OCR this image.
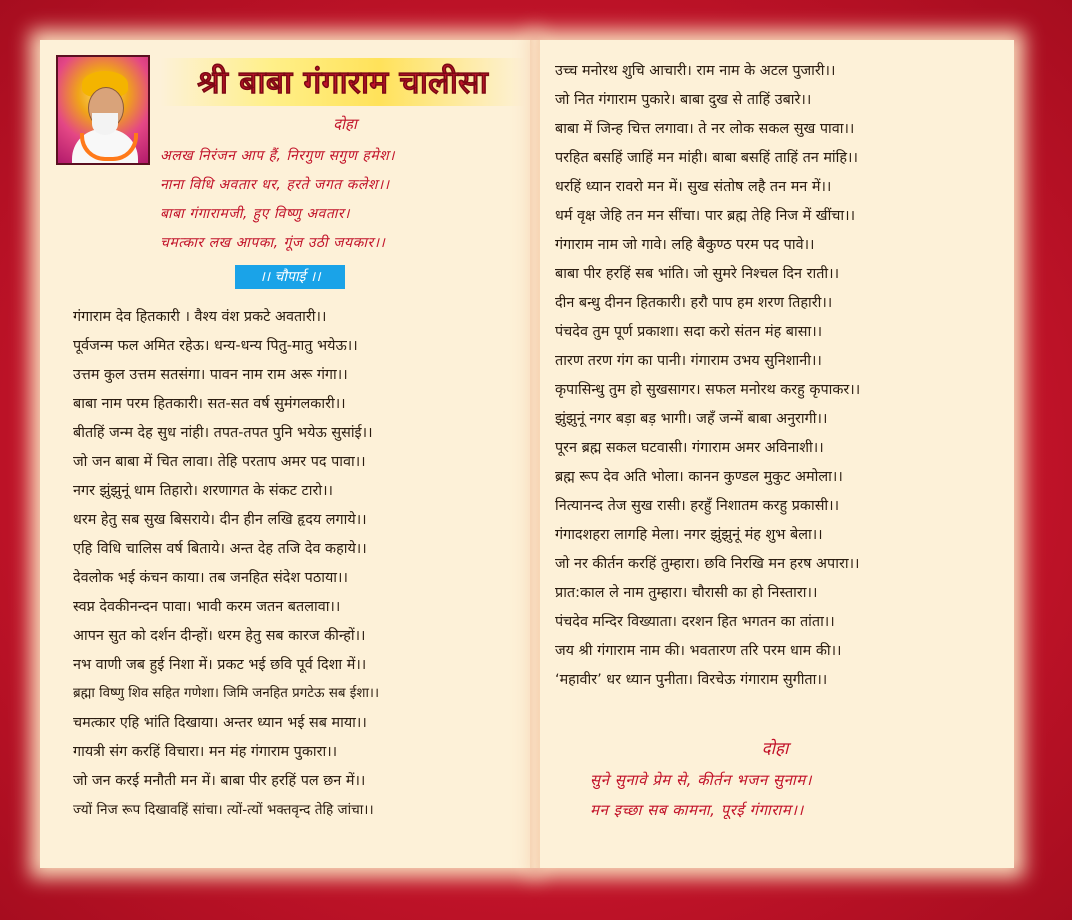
श्री बाबा गंगाराम चालीसा
दोहा
अलख निरंजन आप हैं, निरगुण सगुण हमेश।
नाना विधि अवतार धर, हरते जगत कलेश।।
बाबा गंगारामजी, हुए विष्णु अवतार।
चमत्कार लख आपका, गूंज उठी जयकार।।
।। चौपाई ।।
गंगाराम देव हितकारी । वैश्य वंश प्रकटे अवतारी।।
पूर्वजन्म फल अमित रहेऊ। धन्य-धन्य पितु-मातु भयेऊ।।
उत्तम कुल उत्तम सतसंगा। पावन नाम राम अरू गंगा।।
बाबा नाम परम हितकारी। सत-सत वर्ष सुमंगलकारी।।
बीतहिं जन्म देह सुध नांही। तपत-तपत पुनि भयेऊ सुसांई।।
जो जन बाबा में चित लावा। तेहि परताप अमर पद पावा।।
नगर झुंझुनूं धाम तिहारो। शरणागत के संकट टारो।।
धरम हेतु सब सुख बिसराये। दीन हीन लखि हृदय लगाये।।
एहि विधि चालिस वर्ष बिताये। अन्त देह तजि देव कहाये।।
देवलोक भई कंचन काया। तब जनहित संदेश पठाया।।
स्वप्न देवकीनन्दन पावा। भावी करम जतन बतलावा।।
आपन सुत को दर्शन दीन्हों। धरम हेतु सब कारज कीन्हों।।
नभ वाणी जब हुई निशा में। प्रकट भई छवि पूर्व दिशा में।।
ब्रह्मा विष्णु शिव सहित गणेशा। जिमि जनहित प्रगटेऊ सब ईशा।।
चमत्कार एहि भांति दिखाया। अन्तर ध्यान भई सब माया।।
गायत्री संग करहिं विचारा। मन मंह गंगाराम पुकारा।।
जो जन करई मनौती मन में। बाबा पीर हरहिं पल छन में।।
ज्यों निज रूप दिखावहिं सांचा। त्यों-त्यों भक्तवृन्द तेहि जांचा।।
उच्च मनोरथ शुचि आचारी। राम नाम के अटल पुजारी।।
जो नित गंगाराम पुकारे। बाबा दुख से ताहिं उबारे।।
बाबा में जिन्ह चित्त लगावा। ते नर लोक सकल सुख पावा।।
परहित बसहिं जाहिं मन मांही। बाबा बसहिं ताहिं तन मांहि।।
धरहिं ध्यान रावरो मन में। सुख संतोष लहै तन मन में।।
धर्म वृक्ष जेहि तन मन सींचा। पार ब्रह्म तेहि निज में खींचा।।
गंगाराम नाम जो गावे। लहि बैकुण्ठ परम पद पावे।।
बाबा पीर हरहिं सब भांति। जो सुमरे निश्चल दिन राती।।
दीन बन्धु दीनन हितकारी। हरौ पाप हम शरण तिहारी।।
पंचदेव तुम पूर्ण प्रकाशा। सदा करो संतन मंह बासा।।
तारण तरण गंग का पानी। गंगाराम उभय सुनिशानी।।
कृपासिन्धु तुम हो सुखसागर। सफल मनोरथ करहु कृपाकर।।
झुंझुनूं नगर बड़ा बड़ भागी। जहँ जन्में बाबा अनुरागी।।
पूरन ब्रह्म सकल घटवासी। गंगाराम अमर अविनाशी।।
ब्रह्म रूप देव अति भोला। कानन कुण्डल मुकुट अमोला।।
नित्यानन्द तेज सुख रासी। हरहुँ निशातम करहु प्रकासी।।
गंगादशहरा लागहि मेला। नगर झुंझुनूं मंह शुभ बेला।।
जो नर कीर्तन करहिं तुम्हारा। छवि निरखि मन हरष अपारा।।
प्रात:काल ले नाम तुम्हारा। चौरासी का हो निस्तारा।।
पंचदेव मन्दिर विख्याता। दरशन हित भगतन का तांता।।
जय श्री गंगाराम नाम की। भवतारण तरि परम धाम की।।
‘महावीर’ धर ध्यान पुनीता। विरचेऊ गंगाराम सुगीता।।
दोहा
सुने सुनावे प्रेम से, कीर्तन भजन सुनाम।
मन इच्छा सब कामना, पूरई गंगाराम।।
